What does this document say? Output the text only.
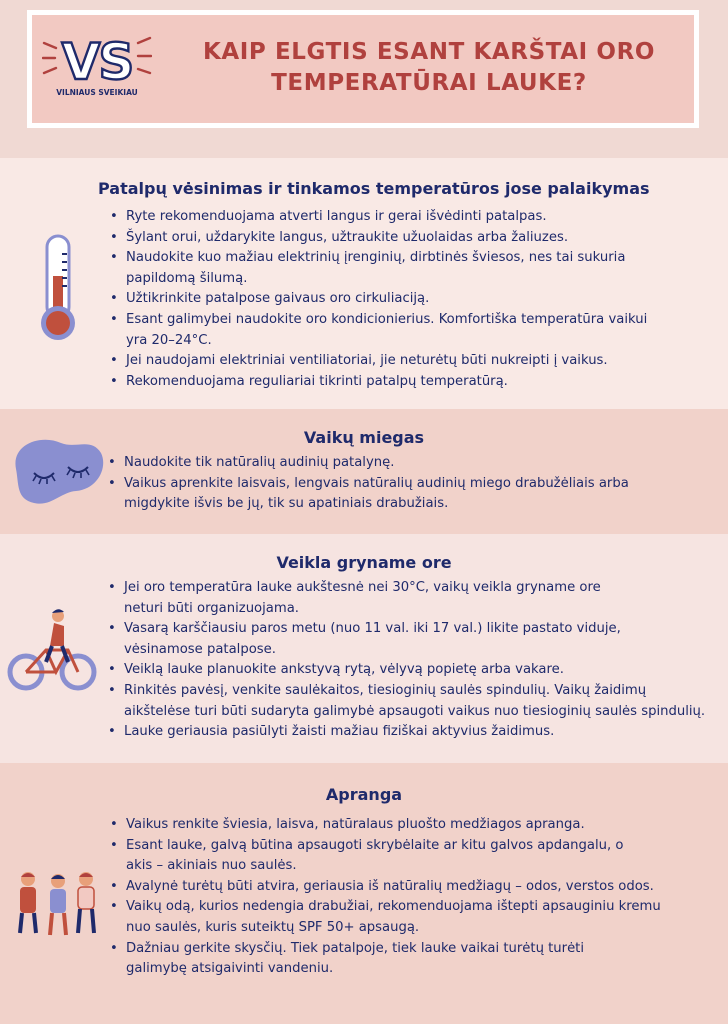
VS
VILNIAUS SVEIKIAU
KAIP ELGTIS ESANT KARŠTAI ORO
TEMPERATŪRAI LAUKE?
Patalpų vėsinimas ir tinkamos temperatūros jose palaikymas
• Ryte rekomenduojama atverti langus ir gerai išvėdinti patalpas.
• Šylant orui, uždarykite langus, užtraukite užuolaidas arba žaliuzes.
• Naudokite kuo mažiau elektrinių įrenginių, dirbtinės šviesos, nes tai sukuria papildomą šilumą.
• Užtikrinkite patalpose gaivaus oro cirkuliaciją.
• Esant galimybei naudokite oro kondicionierius. Komfortiška temperatūra vaikui yra 20–24°C.
• Jei naudojami elektriniai ventiliatoriai, jie neturėtų būti nukreipti į vaikus.
• Rekomenduojama reguliariai tikrinti patalpų temperatūrą.
Vaikų miegas
• Naudokite tik natūralių audinių patalynę.
• Vaikus aprenkite laisvais, lengvais natūralių audinių miego drabužėliais arba migdykite išvis be jų, tik su apatiniais drabužiais.
Veikla gryname ore
• Jei oro temperatūra lauke aukštesnė nei 30°C, vaikų veikla gryname ore neturi būti organizuojama.
• Vasarą karščiausiu paros metu (nuo 11 val. iki 17 val.) likite pastato viduje, vėsinamose patalpose.
• Veiklą lauke planuokite ankstyvą rytą, vėlyvą popietę arba vakare.
• Rinkitės pavėsį, venkite saulėkaitos, tiesioginių saulės spindulių. Vaikų žaidimų aikštelėse turi būti sudaryta galimybė apsaugoti vaikus nuo tiesioginių saulės spindulių.
• Lauke geriausia pasiūlyti žaisti mažiau fiziškai aktyvius žaidimus.
Apranga
• Vaikus renkite šviesia, laisva, natūralaus pluošto medžiagos apranga.
• Esant lauke, galvą būtina apsaugoti skrybėlaite ar kitu galvos apdangalu, o akis – akiniais nuo saulės.
• Avalynė turėtų būti atvira, geriausia iš natūralių medžiagų – odos, verstos odos.
• Vaikų odą, kurios nedengia drabužiai, rekomenduojama ištepti apsauginiu kremu nuo saulės, kuris suteiktų SPF 50+ apsaugą.
• Dažniau gerkite skysčių. Tiek patalpoje, tiek lauke vaikai turėtų turėti galimybę atsigaivinti vandeniu.
